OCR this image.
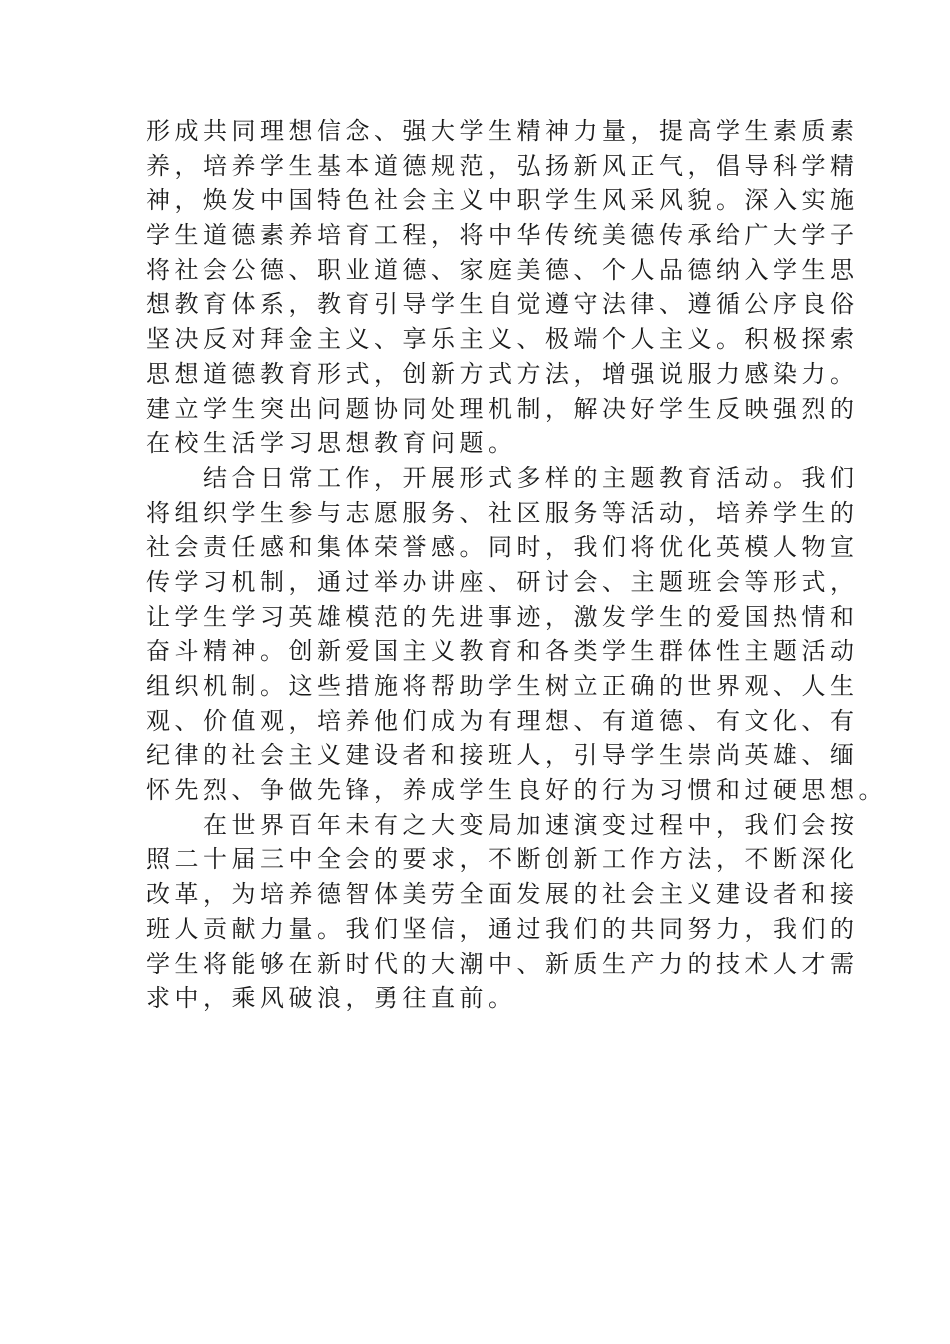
形成共同理想信念、强大学生精神力量，提高学生素质素
养，培养学生基本道德规范，弘扬新风正气，倡导科学精
神，焕发中国特色社会主义中职学生风采风貌。深入实施
学生道德素养培育工程，将中华传统美德传承给广大学子
将社会公德、职业道德、家庭美德、个人品德纳入学生思
想教育体系，教育引导学生自觉遵守法律、遵循公序良俗
坚决反对拜金主义、享乐主义、极端个人主义。积极探索
思想道德教育形式，创新方式方法，增强说服力感染力。
建立学生突出问题协同处理机制，解决好学生反映强烈的
在校生活学习思想教育问题。
　　结合日常工作，开展形式多样的主题教育活动。我们
将组织学生参与志愿服务、社区服务等活动，培养学生的
社会责任感和集体荣誉感。同时，我们将优化英模人物宣
传学习机制，通过举办讲座、研讨会、主题班会等形式，
让学生学习英雄模范的先进事迹，激发学生的爱国热情和
奋斗精神。创新爱国主义教育和各类学生群体性主题活动
组织机制。这些措施将帮助学生树立正确的世界观、人生
观、价值观，培养他们成为有理想、有道德、有文化、有
纪律的社会主义建设者和接班人，引导学生崇尚英雄、缅
怀先烈、争做先锋，养成学生良好的行为习惯和过硬思想。
　　在世界百年未有之大变局加速演变过程中，我们会按
照二十届三中全会的要求，不断创新工作方法，不断深化
改革，为培养德智体美劳全面发展的社会主义建设者和接
班人贡献力量。我们坚信，通过我们的共同努力，我们的
学生将能够在新时代的大潮中、新质生产力的技术人才需
求中，乘风破浪，勇往直前。
